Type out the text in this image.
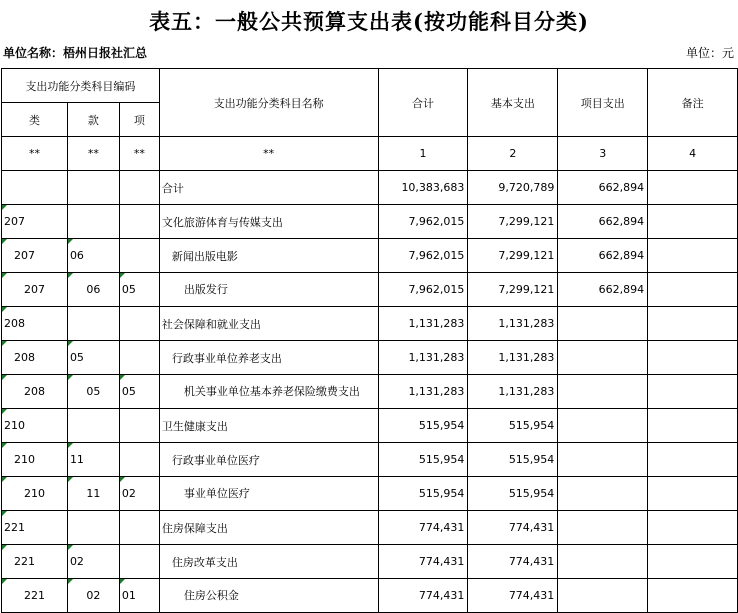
表五：一般公共预算支出表(按功能科目分类)
单位名称：梧州日报社汇总	单位：元
支出功能分类科目编码			支出功能分类科目名称	合计	基本支出	项目支出	备注
类	款	项					
**	**	**	**	1	2	3	4
			合计	10,383,683	9,720,789	662,894	

207			文化旅游体育与传媒支出	7,962,015	7,299,121	662,894	

207	06		新闻出版电影	7,962,015	7,299,121	662,894	

207	06	05	出版发行	7,962,015	7,299,121	662,894	

208			社会保障和就业支出	1,131,283	1,131,283		

208	05		行政事业单位养老支出	1,131,283	1,131,283		

208	05	05	机关事业单位基本养老保险缴费支出	1,131,283	1,131,283		

210			卫生健康支出	515,954	515,954		

210	11		行政事业单位医疗	515,954	515,954		

210	11	02	事业单位医疗	515,954	515,954		

221			住房保障支出	774,431	774,431		

221	02		住房改革支出	774,431	774,431		

221	02	01	住房公积金	774,431	774,431		
